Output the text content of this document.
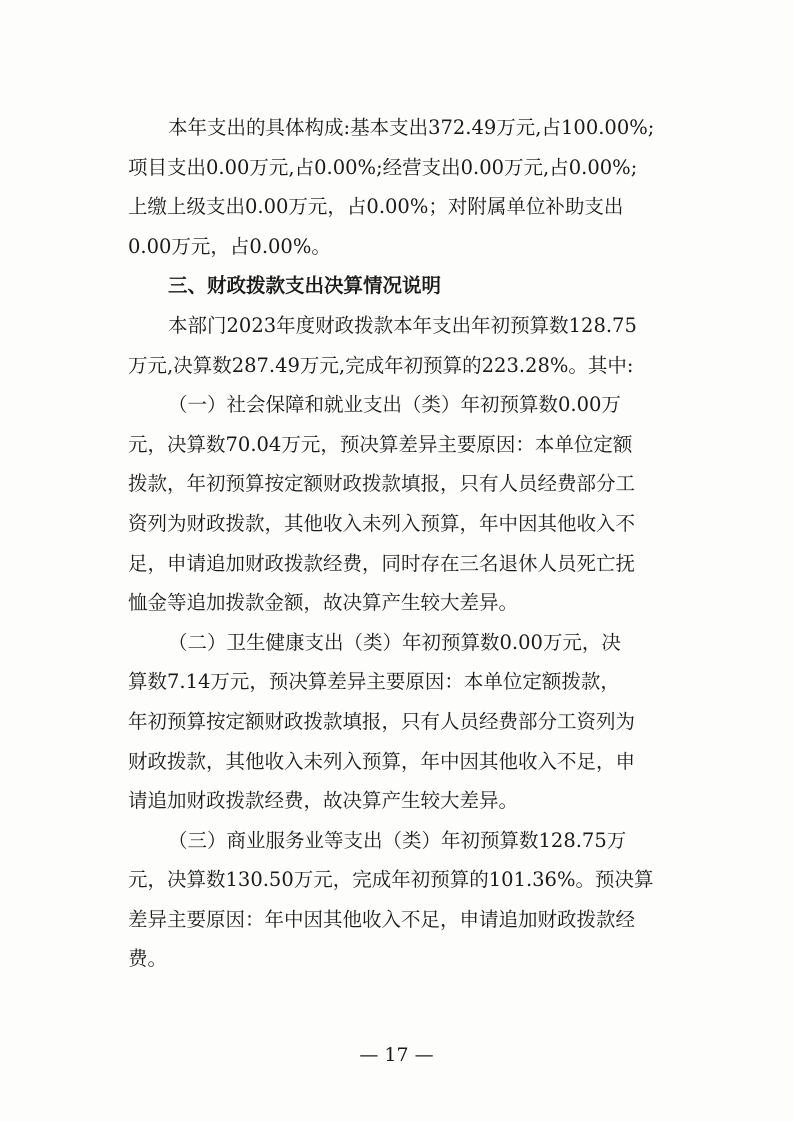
本年支出的具体构成:基本支出372.49万元,占100.00%;
项目支出0.00万元,占0.00%;经营支出0.00万元,占0.00%;
上缴上级支出0.00万元，占0.00%；对附属单位补助支出
0.00万元，占0.00%。

三、财政拨款支出决算情况说明

本部门2023年度财政拨款本年支出年初预算数128.75
万元,决算数287.49万元,完成年初预算的223.28%。其中:

（一）社会保障和就业支出（类）年初预算数0.00万
元，决算数70.04万元，预决算差异主要原因：本单位定额
拨款，年初预算按定额财政拨款填报，只有人员经费部分工
资列为财政拨款，其他收入未列入预算，年中因其他收入不
足，申请追加财政拨款经费，同时存在三名退休人员死亡抚
恤金等追加拨款金额，故决算产生较大差异。

（二）卫生健康支出（类）年初预算数0.00万元，决
算数7.14万元，预决算差异主要原因：本单位定额拨款，
年初预算按定额财政拨款填报，只有人员经费部分工资列为
财政拨款，其他收入未列入预算，年中因其他收入不足，申
请追加财政拨款经费，故决算产生较大差异。

（三）商业服务业等支出（类）年初预算数128.75万
元，决算数130.50万元，完成年初预算的101.36%。预决算
差异主要原因：年中因其他收入不足，申请追加财政拨款经
费。

— 17 —
